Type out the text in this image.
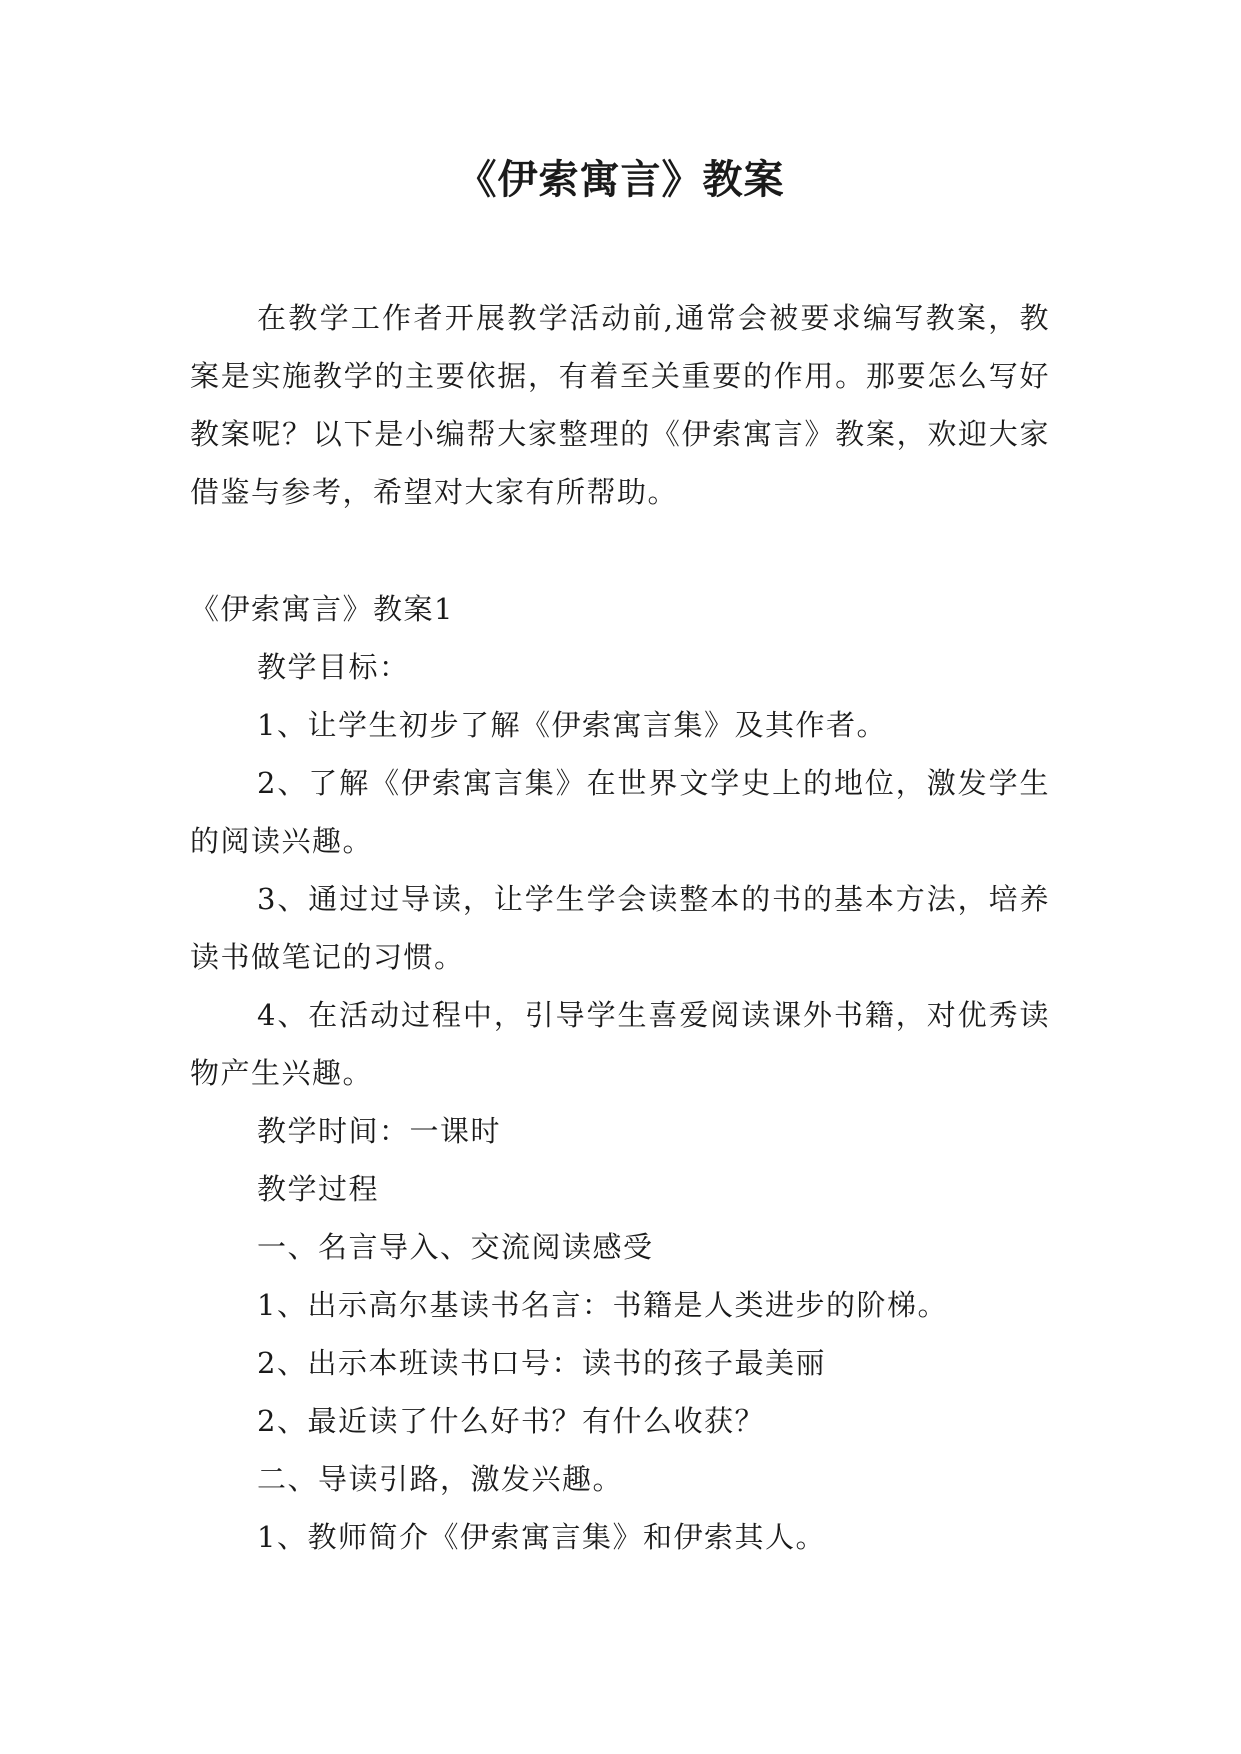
《伊索寓言》教案

在教学工作者开展教学活动前,通常会被要求编写教案，教案是实施教学的主要依据，有着至关重要的作用。那要怎么写好教案呢？以下是小编帮大家整理的《伊索寓言》教案，欢迎大家借鉴与参考，希望对大家有所帮助。

《伊索寓言》教案1

教学目标：

1、让学生初步了解《伊索寓言集》及其作者。

2、了解《伊索寓言集》在世界文学史上的地位，激发学生的阅读兴趣。

3、通过过导读，让学生学会读整本的书的基本方法，培养读书做笔记的习惯。

4、在活动过程中，引导学生喜爱阅读课外书籍，对优秀读物产生兴趣。

教学时间：一课时

教学过程

一、名言导入、交流阅读感受

1、出示高尔基读书名言：书籍是人类进步的阶梯。

2、出示本班读书口号：读书的孩子最美丽

2、最近读了什么好书？有什么收获？

二、导读引路，激发兴趣。

1、教师简介《伊索寓言集》和伊索其人。
